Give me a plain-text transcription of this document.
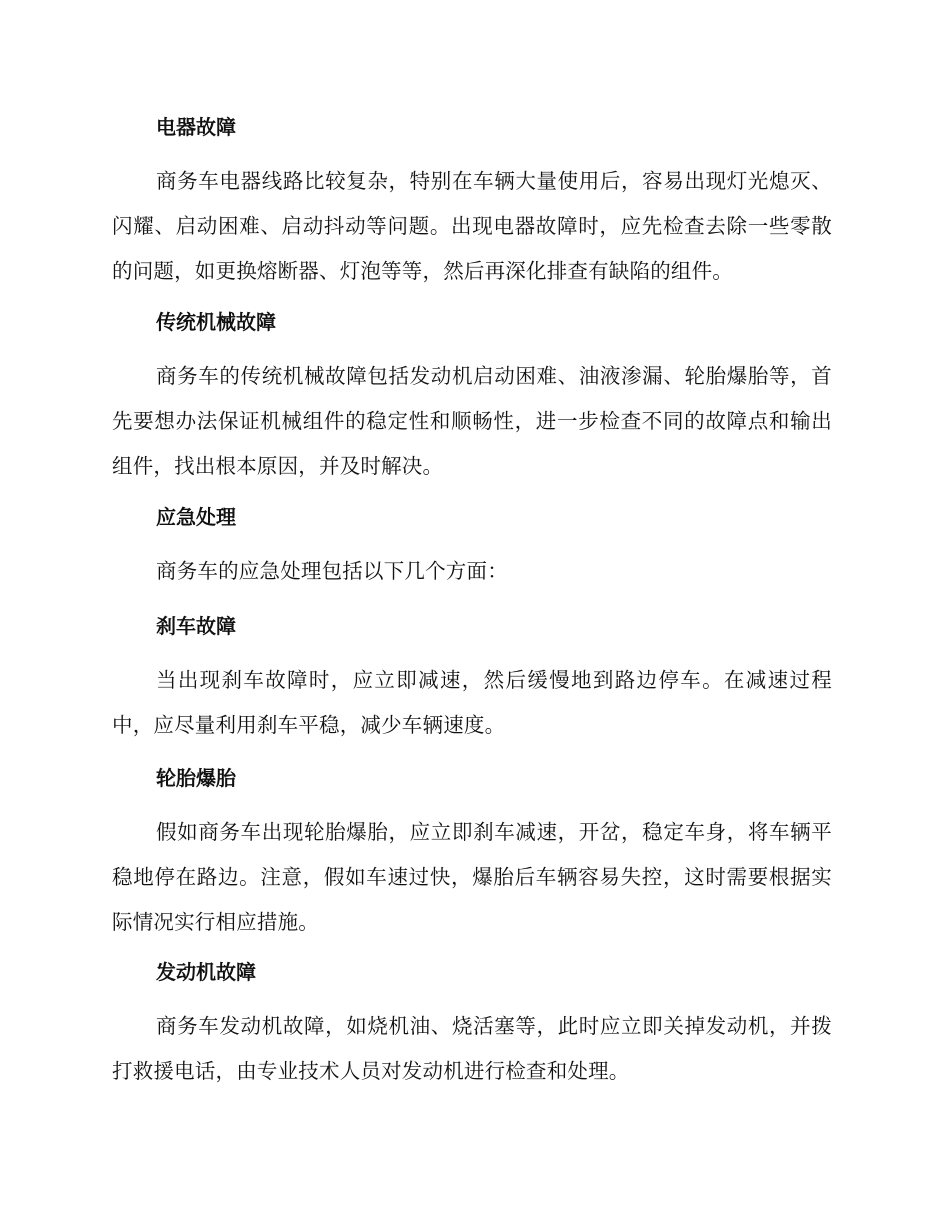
电器故障

商务车电器线路比较复杂，特别在车辆大量使用后，容易出现灯光熄灭、闪耀、启动困难、启动抖动等问题。出现电器故障时，应先检查去除一些零散的问题，如更换熔断器、灯泡等等，然后再深化排查有缺陷的组件。

传统机械故障

商务车的传统机械故障包括发动机启动困难、油液渗漏、轮胎爆胎等，首先要想办法保证机械组件的稳定性和顺畅性，进一步检查不同的故障点和输出组件，找出根本原因，并及时解决。

应急处理

商务车的应急处理包括以下几个方面：

刹车故障

当出现刹车故障时，应立即减速，然后缓慢地到路边停车。在减速过程中，应尽量利用刹车平稳，减少车辆速度。

轮胎爆胎

假如商务车出现轮胎爆胎，应立即刹车减速，开岔，稳定车身，将车辆平稳地停在路边。注意，假如车速过快，爆胎后车辆容易失控，这时需要根据实际情况实行相应措施。

发动机故障

商务车发动机故障，如烧机油、烧活塞等，此时应立即关掉发动机，并拨打救援电话，由专业技术人员对发动机进行检查和处理。
